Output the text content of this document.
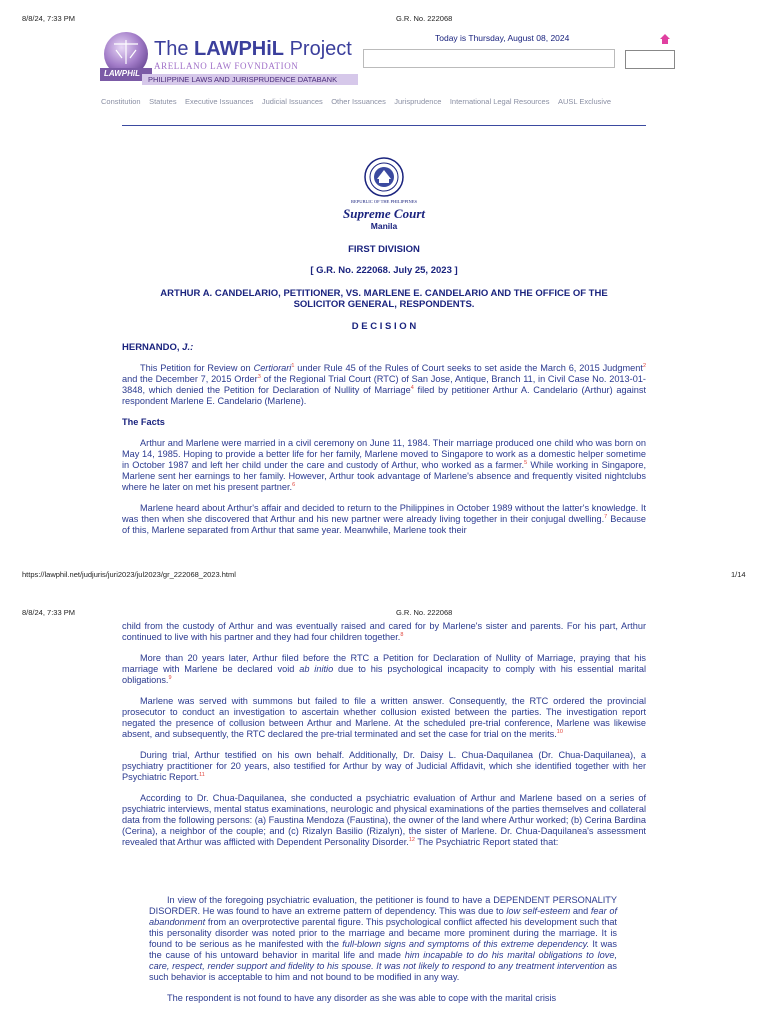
8/8/24, 7:33 PM	G.R. No. 222068
LAWPHiL
The LAWPHiL Project
ARELLANO LAW FOVNDATION
PHILIPPINE LAWS AND JURISPRUDENCE DATABANK
Today is Thursday, August 08, 2024
Constitution Statutes Executive Issuances Judicial Issuances Other Issuances Jurisprudence International Legal Resources AUSL Exclusive
REPUBLIC OF THE PHILIPPINES
Supreme Court
Manila
FIRST DIVISION
[ G.R. No. 222068. July 25, 2023 ]
ARTHUR A. CANDELARIO, PETITIONER, VS. MARLENE E. CANDELARIO AND THE OFFICE OF THE SOLICITOR GENERAL, RESPONDENTS.
D E C I S I O N
HERNANDO, J.:

This Petition for Review on Certiorari$^1$ under Rule 45 of the Rules of Court seeks to set aside the March 6, 2015 Judgment$^2$ and the December 7, 2015 Order$^3$ of the Regional Trial Court (RTC) of San Jose, Antique, Branch 11, in Civil Case No. 2013-01-3848, which denied the Petition for Declaration of Nullity of Marriage$^4$ filed by petitioner Arthur A. Candelario (Arthur) against respondent Marlene E. Candelario (Marlene).

The Facts

Arthur and Marlene were married in a civil ceremony on June 11, 1984. Their marriage produced one child who was born on May 14, 1985. Hoping to provide a better life for her family, Marlene moved to Singapore to work as a domestic helper sometime in October 1987 and left her child under the care and custody of Arthur, who worked as a farmer.$^5$ While working in Singapore, Marlene sent her earnings to her family. However, Arthur took advantage of Marlene's absence and frequently visited nightclubs where he later on met his present partner.$^6$

Marlene heard about Arthur's affair and decided to return to the Philippines in October 1989 without the latter's knowledge. It was then when she discovered that Arthur and his new partner were already living together in their conjugal dwelling.$^7$ Because of this, Marlene separated from Arthur that same year. Meanwhile, Marlene took their

https://lawphil.net/judjuris/juri2023/jul2023/gr_222068_2023.html	1/14
8/8/24, 7:33 PM	G.R. No. 222068

child from the custody of Arthur and was eventually raised and cared for by Marlene's sister and parents. For his part, Arthur continued to live with his partner and they had four children together.$^8$

More than 20 years later, Arthur filed before the RTC a Petition for Declaration of Nullity of Marriage, praying that his marriage with Marlene be declared void ab initio due to his psychological incapacity to comply with his essential marital obligations.$^9$

Marlene was served with summons but failed to file a written answer. Consequently, the RTC ordered the provincial prosecutor to conduct an investigation to ascertain whether collusion existed between the parties. The investigation report negated the presence of collusion between Arthur and Marlene. At the scheduled pre-trial conference, Marlene was likewise absent, and subsequently, the RTC declared the pre-trial terminated and set the case for trial on the merits.$^{10}$

During trial, Arthur testified on his own behalf. Additionally, Dr. Daisy L. Chua-Daquilanea (Dr. Chua-Daquilanea), a psychiatry practitioner for 20 years, also testified for Arthur by way of Judicial Affidavit, which she identified together with her Psychiatric Report.$^{11}$

According to Dr. Chua-Daquilanea, she conducted a psychiatric evaluation of Arthur and Marlene based on a series of psychiatric interviews, mental status examinations, neurologic and physical examinations of the parties themselves and collateral data from the following persons: (a) Faustina Mendoza (Faustina), the owner of the land where Arthur worked; (b) Cerina Bardina (Cerina), a neighbor of the couple; and (c) Rizalyn Basilio (Rizalyn), the sister of Marlene. Dr. Chua-Daquilanea's assessment revealed that Arthur was afflicted with Dependent Personality Disorder.$^{12}$ The Psychiatric Report stated that:

In view of the foregoing psychiatric evaluation, the petitioner is found to have a DEPENDENT PERSONALITY DISORDER. He was found to have an extreme pattern of dependency. This was due to low self-esteem and fear of abandonment from an overprotective parental figure. This psychological conflict affected his development such that this personality disorder was noted prior to the marriage and became more prominent during the marriage. It is found to be serious as he manifested with the full-blown signs and symptoms of this extreme dependency. It was the cause of his untoward behavior in marital life and made him incapable to do his marital obligations to love, care, respect, render support and fidelity to his spouse. It was not likely to respond to any treatment intervention as such behavior is acceptable to him and not bound to be modified in any way.

The respondent is not found to have any disorder as she was able to cope with the marital crisis
